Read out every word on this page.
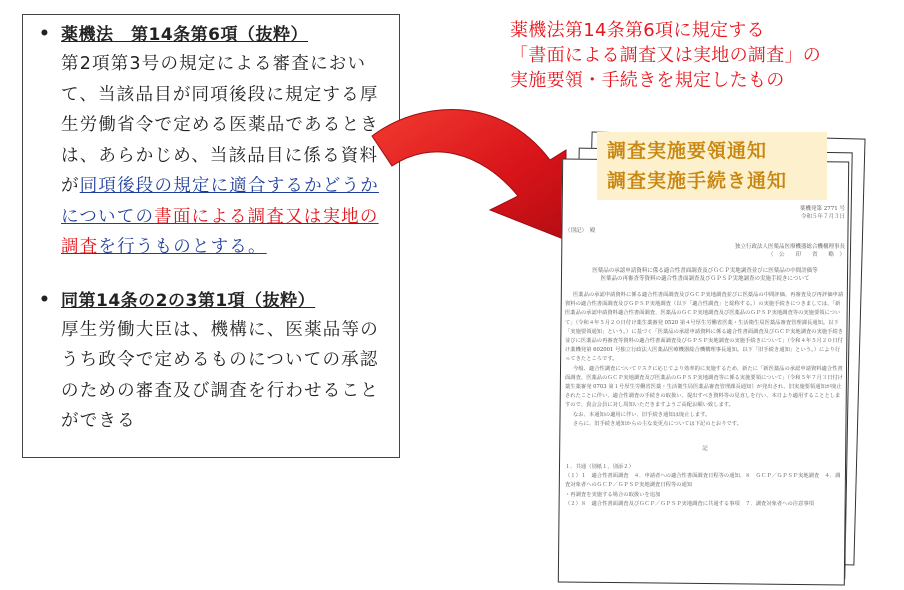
• 薬機法　第14条第6項（抜粋）
第2項第3号の規定による審査において、当該品目が同項後段に規定する厚生労働省令で定める医薬品であるときは、あらかじめ、当該品目に係る資料が同項後段の規定に適合するかどうかについての書面による調査又は実地の調査を行うものとする。
• 同第14条の2の3第1項（抜粋）
厚生労働大臣は、機構に、医薬品等のうち政令で定めるものについての承認のための審査及び調査を行わせることができる
薬機法第14条第6項に規定する
「書面による調査又は実地の調査」の
実施要領・手続きを規定したもの
調査実施要領通知
調査実施手続き通知
薬機発第 2771 号
令和５年７月３日
（別記）　殿
独立行政法人医薬品医療機器総合機構理事長
（　公　　印　　省　　略　）
医薬品の承認申請資料に係る適合性書面調査及びＧＣＰ実地調査並びに医薬品の中間評価等
医薬品の再審査等資料の適合性書面調査及びＧＰＳＰ実地調査の実施手続きについて

医薬品の承認申請資料に係る適合性書面調査及びＧＣＰ実地調査並びに医薬品の中間評価、再審査及び再評価申請資料の適合性書面調査及びＧＰＳＰ実地調査（以下「適合性調査」と総称する。）の実施手続きにつきましては、「新医薬品の承認申請資料適合性書面調査、医薬品のＧＣＰ実地調査及び医薬品のＧＰＳＰ実地調査等の実施要領について」（令和４年５月２０日付け薬生薬審発 0520 第４号厚生労働省医薬・生活衛生局医薬品審査管理課長通知。以下「実施要領通知」という。）に基づく「医薬品の承認申請資料に係る適合性書面調査及びＧＣＰ実地調査の実施手続き並びに医薬品の再審査等資料の適合性書面調査及びＧＰＳＰ実地調査の実施手続きについて」（令和４年５月２０日付け薬機発第 602001 号独立行政法人医薬品医療機器総合機構理事長通知。以下「旧手続き通知」という。）により行ってきたところです。

今般、適合性調査についてリスクに応じてより効率的に実施するため、新たに「新医薬品の承認申請資料適合性書面調査、医薬品のＧＣＰ実地調査及び医薬品のＧＰＳＰ実地調査等に係る実施要領について」（令和５年７月３日付け薬生薬審発 0703 第１号厚生労働省医薬・生活衛生局医薬品審査管理課長通知）が発出され、旧実施要領通知が廃止されたことに伴い、適合性調査の手続きの取扱い、提出すべき資料等の見直しを行い、本日より適用することとしますので、貴会会員に対し周知いただきますようご高配お願い致します。

なお、本通知の適用に伴い、旧手続き通知は廃止します。

さらに、旧手続き通知からの主な変更点については下記のとおりです。

記
１．共通（別紙１、別添２）
（１）１　適合性書面調査　４．申請者への適合性書面調査日程等の通知、８　ＧＣＰ／ＧＰＳＰ実地調査　４．調査対象者へのＧＣＰ／ＧＰＳＰ実地調査日程等の通知
・再調査を実施する場合の取扱いを追加
（２）８　適合性書面調査及びＧＣＰ／ＧＰＳＰ実地調査に共通する事項　７．調査対象者への注意事項
